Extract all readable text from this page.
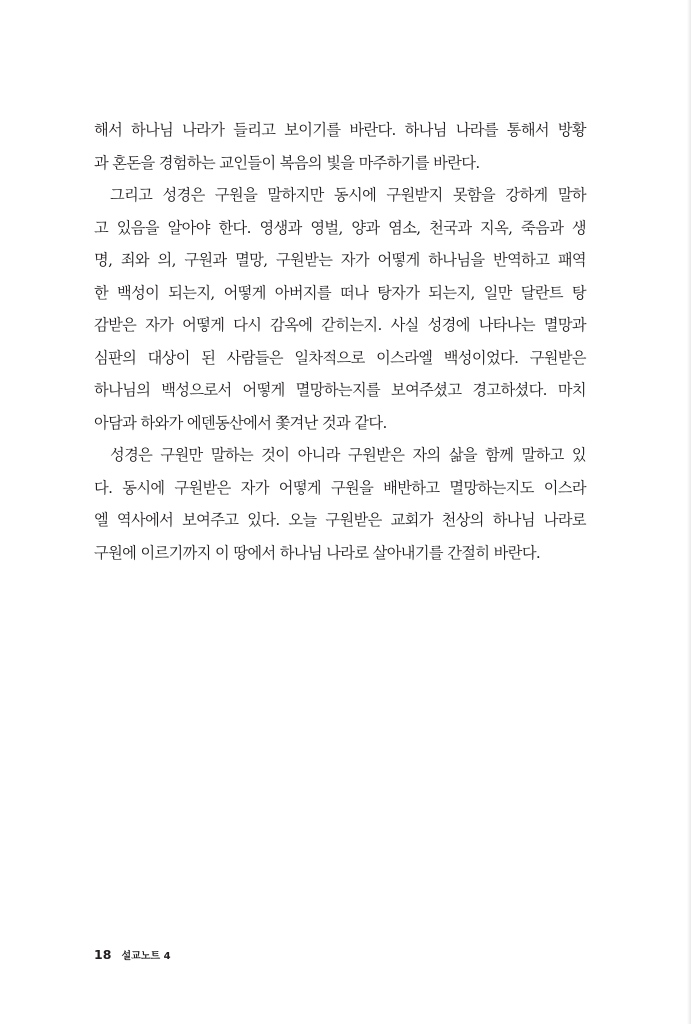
해서 하나님 나라가 들리고 보이기를 바란다. 하나님 나라를 통해서 방황
과 혼돈을 경험하는 교인들이 복음의 빛을 마주하기를 바란다.

그리고 성경은 구원을 말하지만 동시에 구원받지 못함을 강하게 말하
고 있음을 알아야 한다. 영생과 영벌, 양과 염소, 천국과 지옥, 죽음과 생
명, 죄와 의, 구원과 멸망, 구원받는 자가 어떻게 하나님을 반역하고 패역
한 백성이 되는지, 어떻게 아버지를 떠나 탕자가 되는지, 일만 달란트 탕
감받은 자가 어떻게 다시 감옥에 갇히는지. 사실 성경에 나타나는 멸망과
심판의 대상이 된 사람들은 일차적으로 이스라엘 백성이었다. 구원받은
하나님의 백성으로서 어떻게 멸망하는지를 보여주셨고 경고하셨다. 마치
아담과 하와가 에덴동산에서 쫓겨난 것과 같다.

성경은 구원만 말하는 것이 아니라 구원받은 자의 삶을 함께 말하고 있
다. 동시에 구원받은 자가 어떻게 구원을 배반하고 멸망하는지도 이스라
엘 역사에서 보여주고 있다. 오늘 구원받은 교회가 천상의 하나님 나라로
구원에 이르기까지 이 땅에서 하나님 나라로 살아내기를 간절히 바란다.

18 설교노트 4
